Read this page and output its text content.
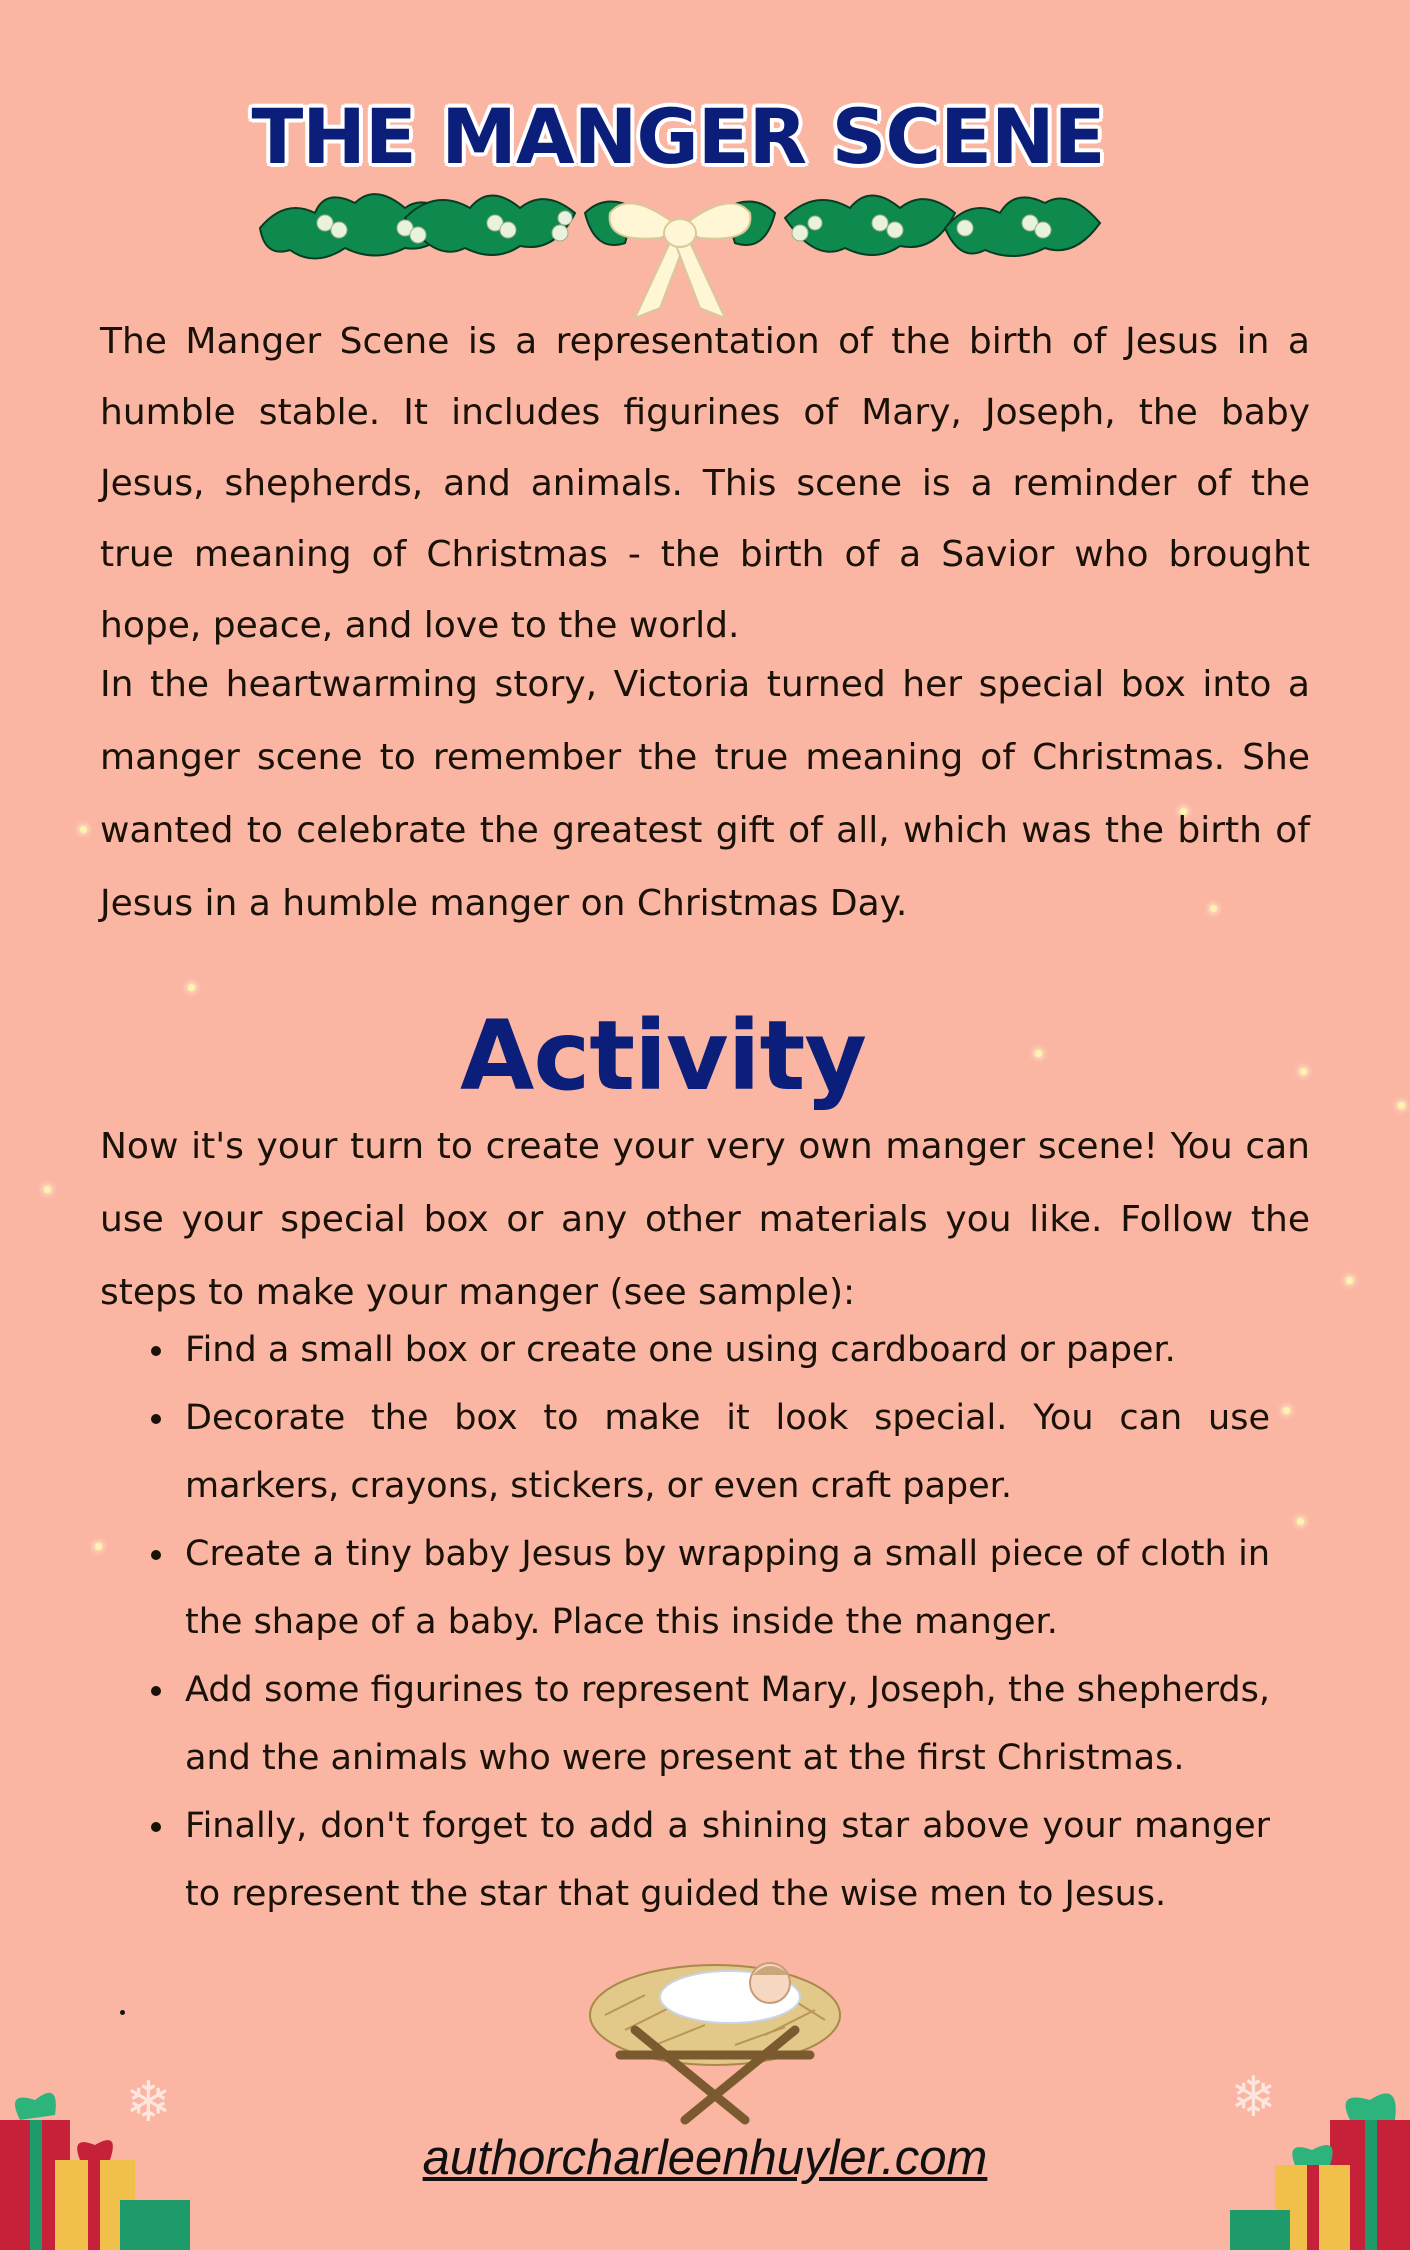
THE MANGER SCENE

The Manger Scene is a representation of the birth of Jesus in a humble stable. It includes figurines of Mary, Joseph, the baby Jesus, shepherds, and animals. This scene is a reminder of the true meaning of Christmas - the birth of a Savior who brought hope, peace, and love to the world.

In the heartwarming story, Victoria turned her special box into a manger scene to remember the true meaning of Christmas. She wanted to celebrate the greatest gift of all, which was the birth of Jesus in a humble manger on Christmas Day.

Activity

Now it's your turn to create your very own manger scene! You can use your special box or any other materials you like. Follow the steps to make your manger (see sample):

Find a small box or create one using cardboard or paper.
Decorate the box to make it look special. You can use markers, crayons, stickers, or even craft paper.
Create a tiny baby Jesus by wrapping a small piece of cloth in the shape of a baby. Place this inside the manger.
Add some figurines to represent Mary, Joseph, the shepherds, and the animals who were present at the first Christmas.
Finally, don't forget to add a shining star above your manger to represent the star that guided the wise men to Jesus.

authorcharleenhuyler.com

❄	❄
